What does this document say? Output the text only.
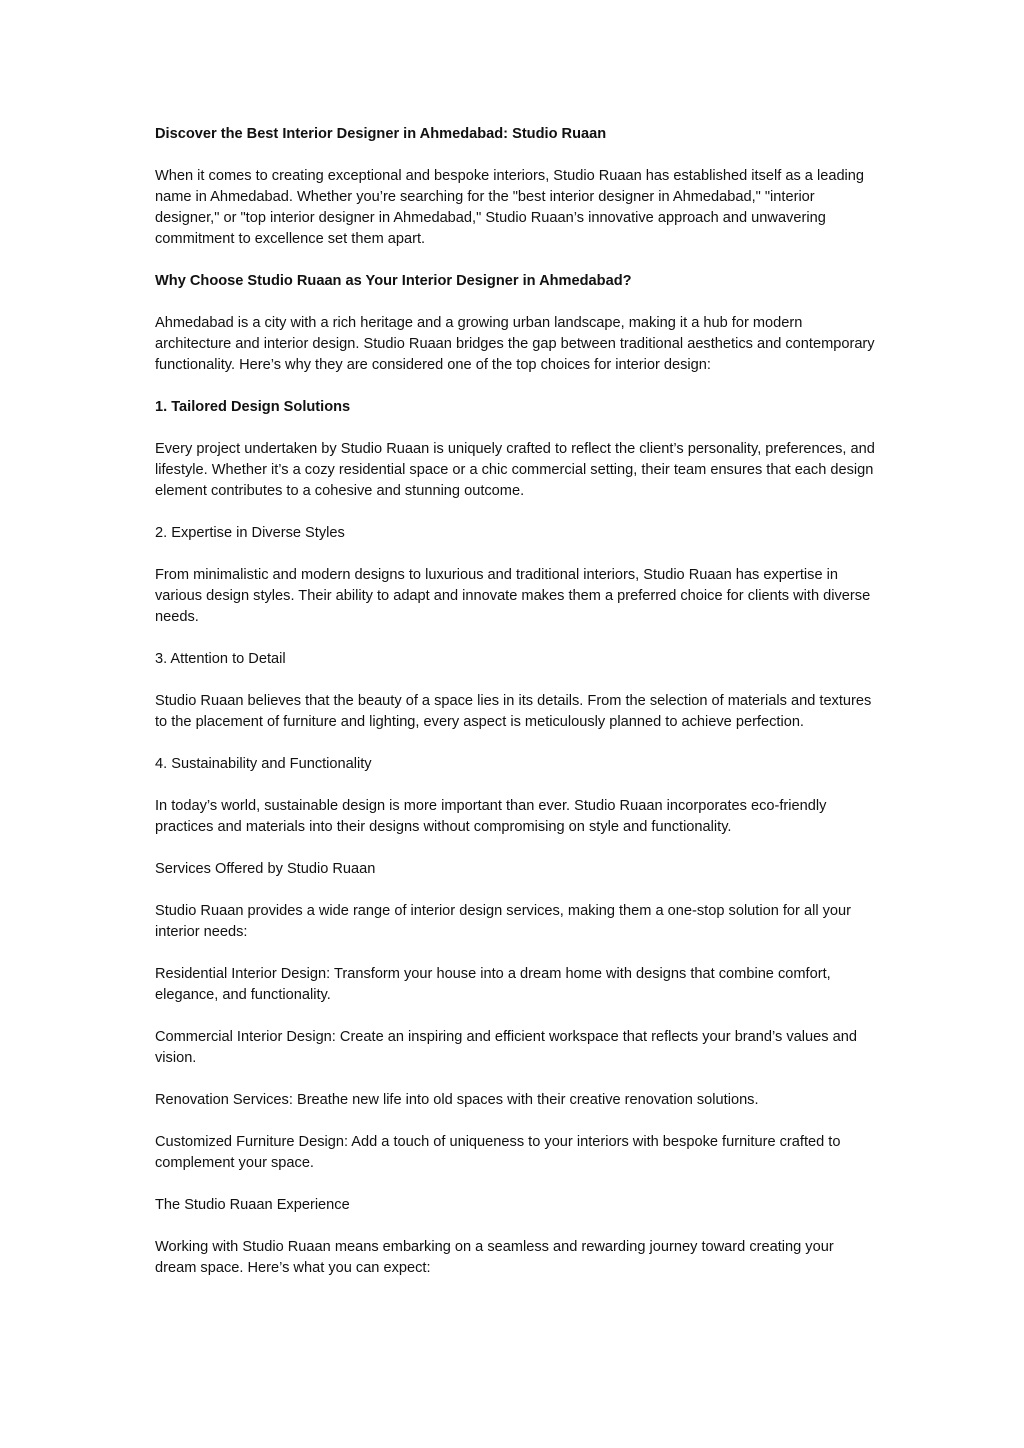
Discover the Best Interior Designer in Ahmedabad: Studio Ruaan

When it comes to creating exceptional and bespoke interiors, Studio Ruaan has established itself as a leading name in Ahmedabad. Whether you’re searching for the "best interior designer in Ahmedabad," "interior designer," or "top interior designer in Ahmedabad," Studio Ruaan’s innovative approach and unwavering commitment to excellence set them apart.

Why Choose Studio Ruaan as Your Interior Designer in Ahmedabad?

Ahmedabad is a city with a rich heritage and a growing urban landscape, making it a hub for modern architecture and interior design. Studio Ruaan bridges the gap between traditional aesthetics and contemporary functionality. Here’s why they are considered one of the top choices for interior design:

1. Tailored Design Solutions

Every project undertaken by Studio Ruaan is uniquely crafted to reflect the client’s personality, preferences, and lifestyle. Whether it’s a cozy residential space or a chic commercial setting, their team ensures that each design element contributes to a cohesive and stunning outcome.

2. Expertise in Diverse Styles

From minimalistic and modern designs to luxurious and traditional interiors, Studio Ruaan has expertise in various design styles. Their ability to adapt and innovate makes them a preferred choice for clients with diverse needs.

3. Attention to Detail

Studio Ruaan believes that the beauty of a space lies in its details. From the selection of materials and textures to the placement of furniture and lighting, every aspect is meticulously planned to achieve perfection.

4. Sustainability and Functionality

In today’s world, sustainable design is more important than ever. Studio Ruaan incorporates eco-friendly practices and materials into their designs without compromising on style and functionality.

Services Offered by Studio Ruaan

Studio Ruaan provides a wide range of interior design services, making them a one-stop solution for all your interior needs:

Residential Interior Design: Transform your house into a dream home with designs that combine comfort, elegance, and functionality.

Commercial Interior Design: Create an inspiring and efficient workspace that reflects your brand’s values and vision.

Renovation Services: Breathe new life into old spaces with their creative renovation solutions.

Customized Furniture Design: Add a touch of uniqueness to your interiors with bespoke furniture crafted to complement your space.

The Studio Ruaan Experience

Working with Studio Ruaan means embarking on a seamless and rewarding journey toward creating your dream space. Here’s what you can expect:
